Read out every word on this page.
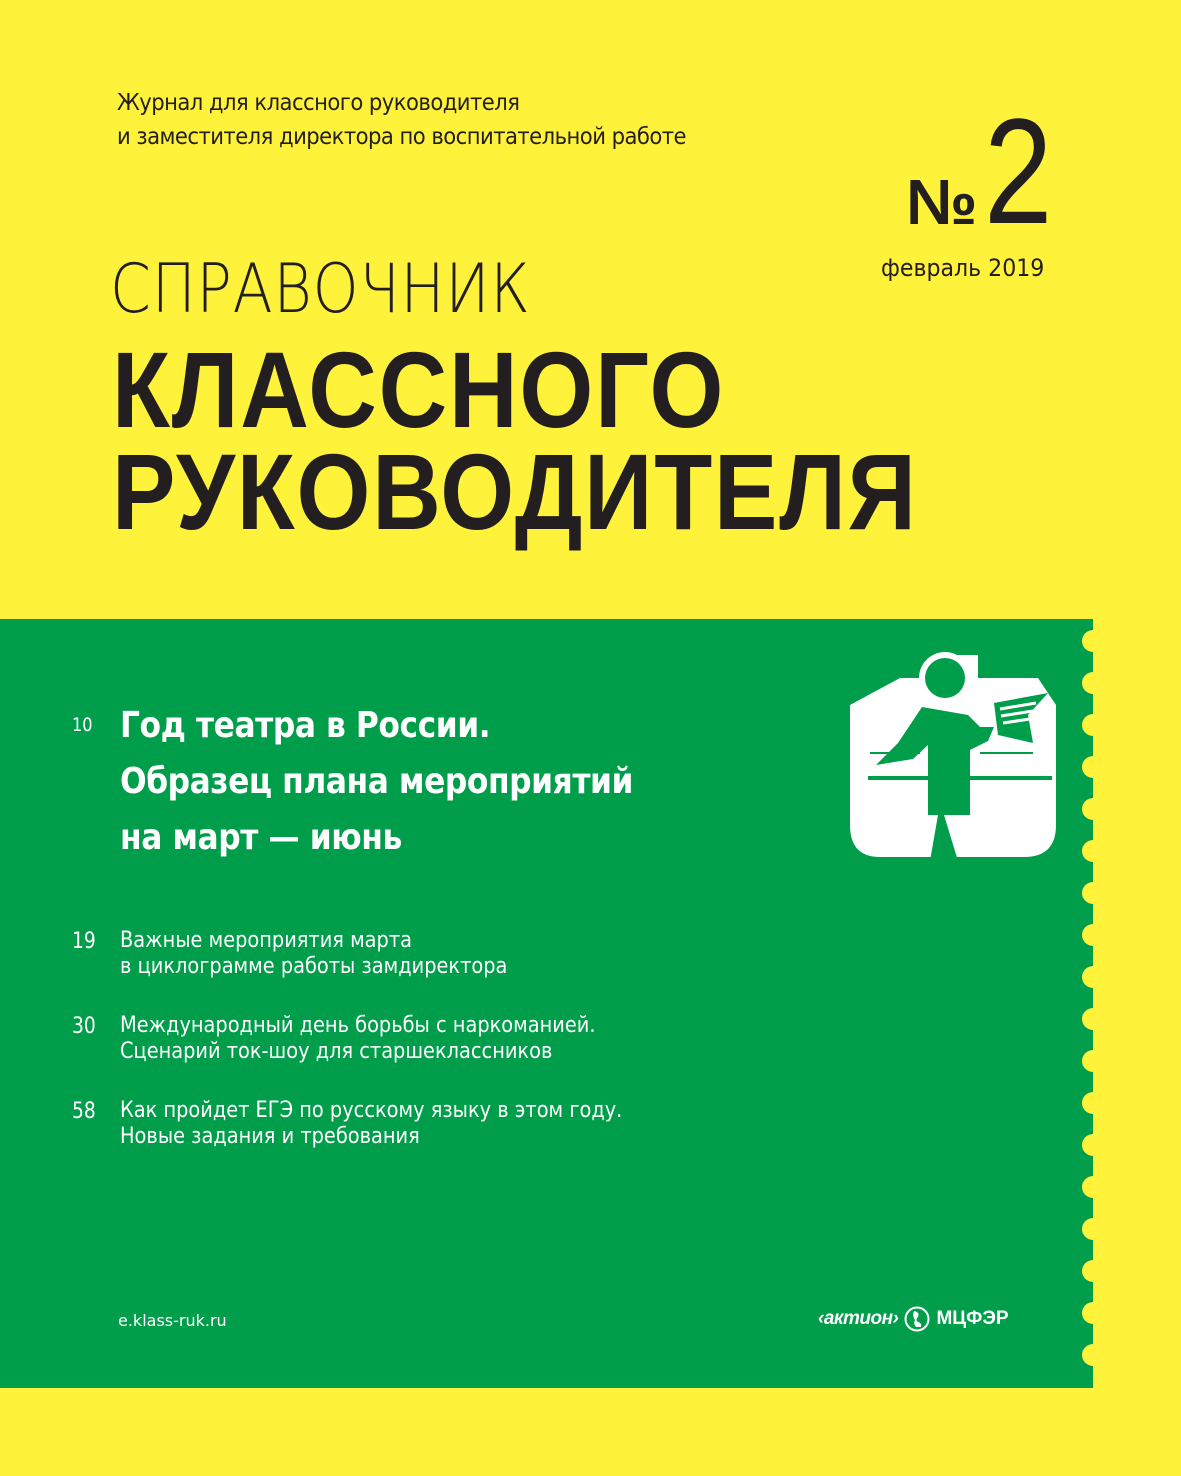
Журнал для классного руководителя
и заместителя директора по воспитательной работе
№ 2
февраль 2019
СПРАВОЧНИК
КЛАССНОГО
РУКОВОДИТЕЛЯ
10 Год театра в России.
Образец плана мероприятий
на март — июнь
19 Важные мероприятия марта
в циклограмме работы замдиректора
30 Международный день борьбы с наркоманией.
Сценарий ток-шоу для старшеклассников
58 Как пройдет ЕГЭ по русскому языку в этом году.
Новые задания и требования
e.klass-ruk.ru	‹актион› МЦФЭР
